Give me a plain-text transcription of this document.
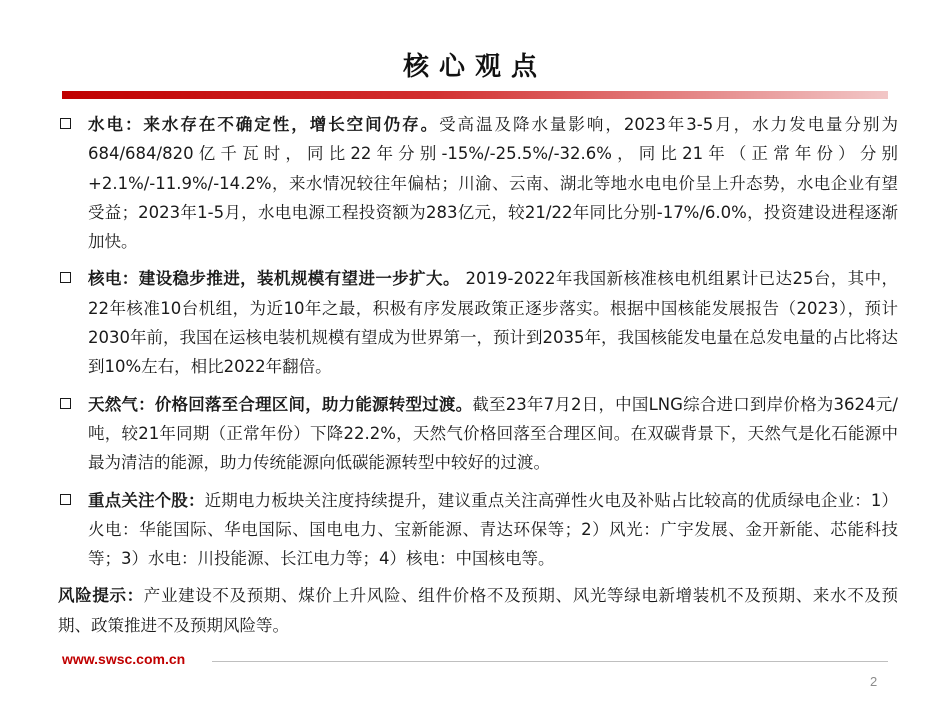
核心观点
水电：来水存在不确定性，增长空间仍存。受高温及降水量影响，2023年3-5月，水力发电量分别为684/684/820亿千瓦时，同比22年分别-15%/-25.5%/-32.6%，同比21年（正常年份）分别+2.1%/-11.9%/-14.2%，来水情况较往年偏枯；川渝、云南、湖北等地水电电价呈上升态势，水电企业有望受益；2023年1-5月，水电电源工程投资额为283亿元，较21/22年同比分别-17%/6.0%，投资建设进程逐渐加快。
核电：建设稳步推进，装机规模有望进一步扩大。 2019-2022年我国新核准核电机组累计已达25台，其中，22年核准10台机组，为近10年之最，积极有序发展政策正逐步落实。根据中国核能发展报告（2023），预计2030年前，我国在运核电装机规模有望成为世界第一，预计到2035年，我国核能发电量在总发电量的占比将达到10%左右，相比2022年翻倍。
天然气：价格回落至合理区间，助力能源转型过渡。截至23年7月2日，中国LNG综合进口到岸价格为3624元/吨，较21年同期（正常年份）下降22.2%，天然气价格回落至合理区间。在双碳背景下，天然气是化石能源中最为清洁的能源，助力传统能源向低碳能源转型中较好的过渡。
重点关注个股：近期电力板块关注度持续提升，建议重点关注高弹性火电及补贴占比较高的优质绿电企业：1）火电：华能国际、华电国际、国电电力、宝新能源、青达环保等；2）风光：广宇发展、金开新能、芯能科技等；3）水电：川投能源、长江电力等；4）核电：中国核电等。
风险提示：产业建设不及预期、煤价上升风险、组件价格不及预期、风光等绿电新增装机不及预期、来水不及预期、政策推进不及预期风险等。
www.swsc.com.cn
2
